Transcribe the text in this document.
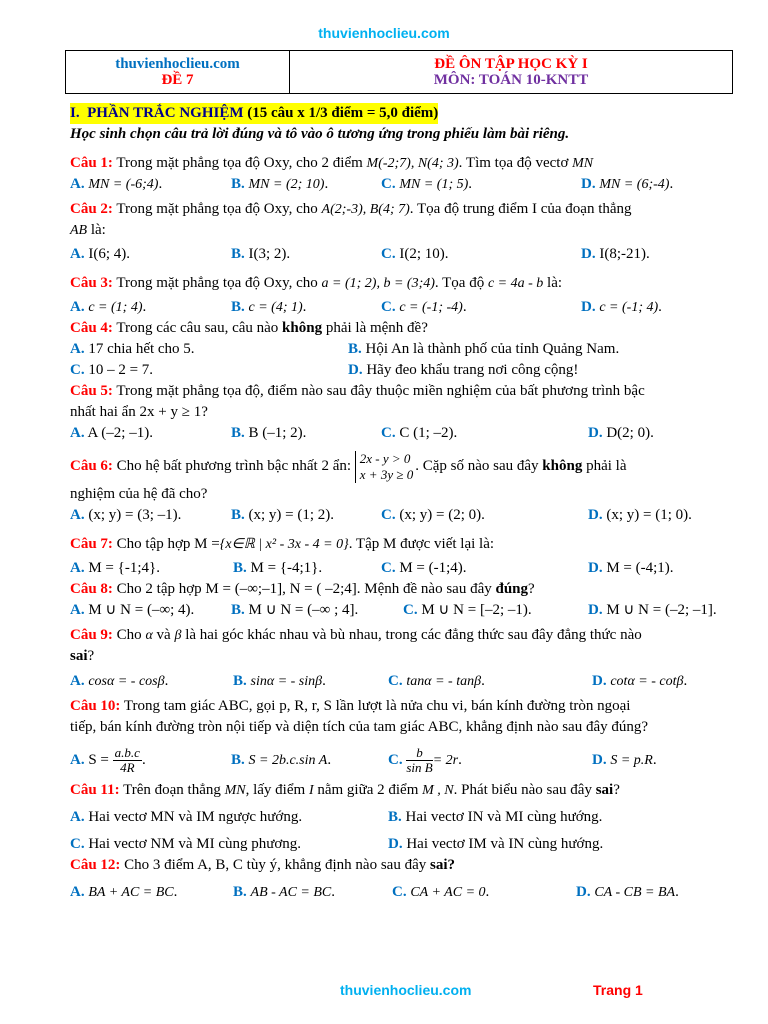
thuvienhoclieu.com
thuvienhoclieu.com
ĐỀ 7
ĐỀ ÔN TẬP HỌC KỲ I
MÔN: TOÁN 10-KNTT
I. PHẦN TRẮC NGHIỆM (15 câu x 1/3 điểm = 5,0 điểm)
Học sinh chọn câu trả lời đúng và tô vào ô tương ứng trong phiếu làm bài riêng.
Câu 1: Trong mặt phẳng tọa độ Oxy, cho 2 điểm M(-2;7), N(4; 3). Tìm tọa độ vectơ MN
A. MN = (-6;4).	B. MN = (2; 10).	C. MN = (1; 5).	D. MN = (6;-4).
Câu 2: Trong mặt phẳng tọa độ Oxy, cho A(2;-3), B(4; 7). Tọa độ trung điểm I của đoạn thẳng
AB là:
A. I(6; 4).	B. I(3; 2).	C. I(2; 10).	D. I(8;-21).
Câu 3: Trong mặt phẳng tọa độ Oxy, cho a = (1; 2), b = (3;4). Tọa độ c = 4a - b là:
A. c = (1; 4).	B. c = (4; 1).	C. c = (-1; -4).	D. c = (-1; 4).
Câu 4: Trong các câu sau, câu nào không phải là mệnh đề?
A. 17 chia hết cho 5.	B. Hội An là thành phố của tỉnh Quảng Nam.
C. 10 – 2 = 7.	D. Hãy đeo khẩu trang nơi công cộng!
Câu 5: Trong mặt phẳng tọa độ, điểm nào sau đây thuộc miền nghiệm của bất phương trình bậc
nhất hai ẩn 2x + y ≥ 1?
A. A (–2; –1).	B. B (–1; 2).	C. C (1; –2).	D. D(2; 0).
Câu 6: Cho hệ bất phương trình bậc nhất 2 ẩn: 2x - y > 0
x + 3y ≥ 0
. Cặp số nào sau đây không phải là
nghiệm của hệ đã cho?
A. (x; y) = (3; –1).	B. (x; y) = (1; 2).	C. (x; y) = (2; 0).	D. (x; y) = (1; 0).
Câu 7: Cho tập hợp M ={x∈ℝ | x² - 3x - 4 = 0}. Tập M được viết lại là:
A. M = {-1;4}.	B. M = {-4;1}.	C. M = (-1;4).	D. M = (-4;1).
Câu 8: Cho 2 tập hợp M = (–∞;–1], N = ( –2;4]. Mệnh đề nào sau đây đúng?
A. M ∪ N = (–∞; 4). B. M ∪ N = (–∞ ; 4].	C. M ∪ N = [–2; –1).	D. M ∪ N = (–2; –1].
Câu 9: Cho α và β là hai góc khác nhau và bù nhau, trong các đẳng thức sau đây đẳng thức nào
sai?
A. cosα = - cosβ.	B. sinα = - sinβ.	C. tanα = - tanβ.	D. cotα = - cotβ.
Câu 10: Trong tam giác ABC, gọi p, R, r, S lần lượt là nửa chu vi, bán kính đường tròn ngoại
tiếp, bán kính đường tròn nội tiếp và diện tích của tam giác ABC, khẳng định nào sau đây đúng?
A. $S = \frac{a.b.c}{4R}$.	B. S = 2b.c.sin A.	C. $\frac{b}{\text{sin B}}= 2r$.	D. S = p.R.
Câu 11: Trên đoạn thẳng MN, lấy điểm I nằm giữa 2 điểm M , N. Phát biểu nào sau đây sai?
A. Hai vectơ MN và IM ngược hướng.	B. Hai vectơ IN và MI cùng hướng.
C. Hai vectơ NM và MI cùng phương.	D. Hai vectơ IM và IN cùng hướng.
Câu 12: Cho 3 điểm A, B, C tùy ý, khẳng định nào sau đây sai?
A. BA + AC = BC.	B. AB - AC = BC.	C. CA + AC = 0.	D. CA - CB = BA.
thuvienhoclieu.com	Trang 1
